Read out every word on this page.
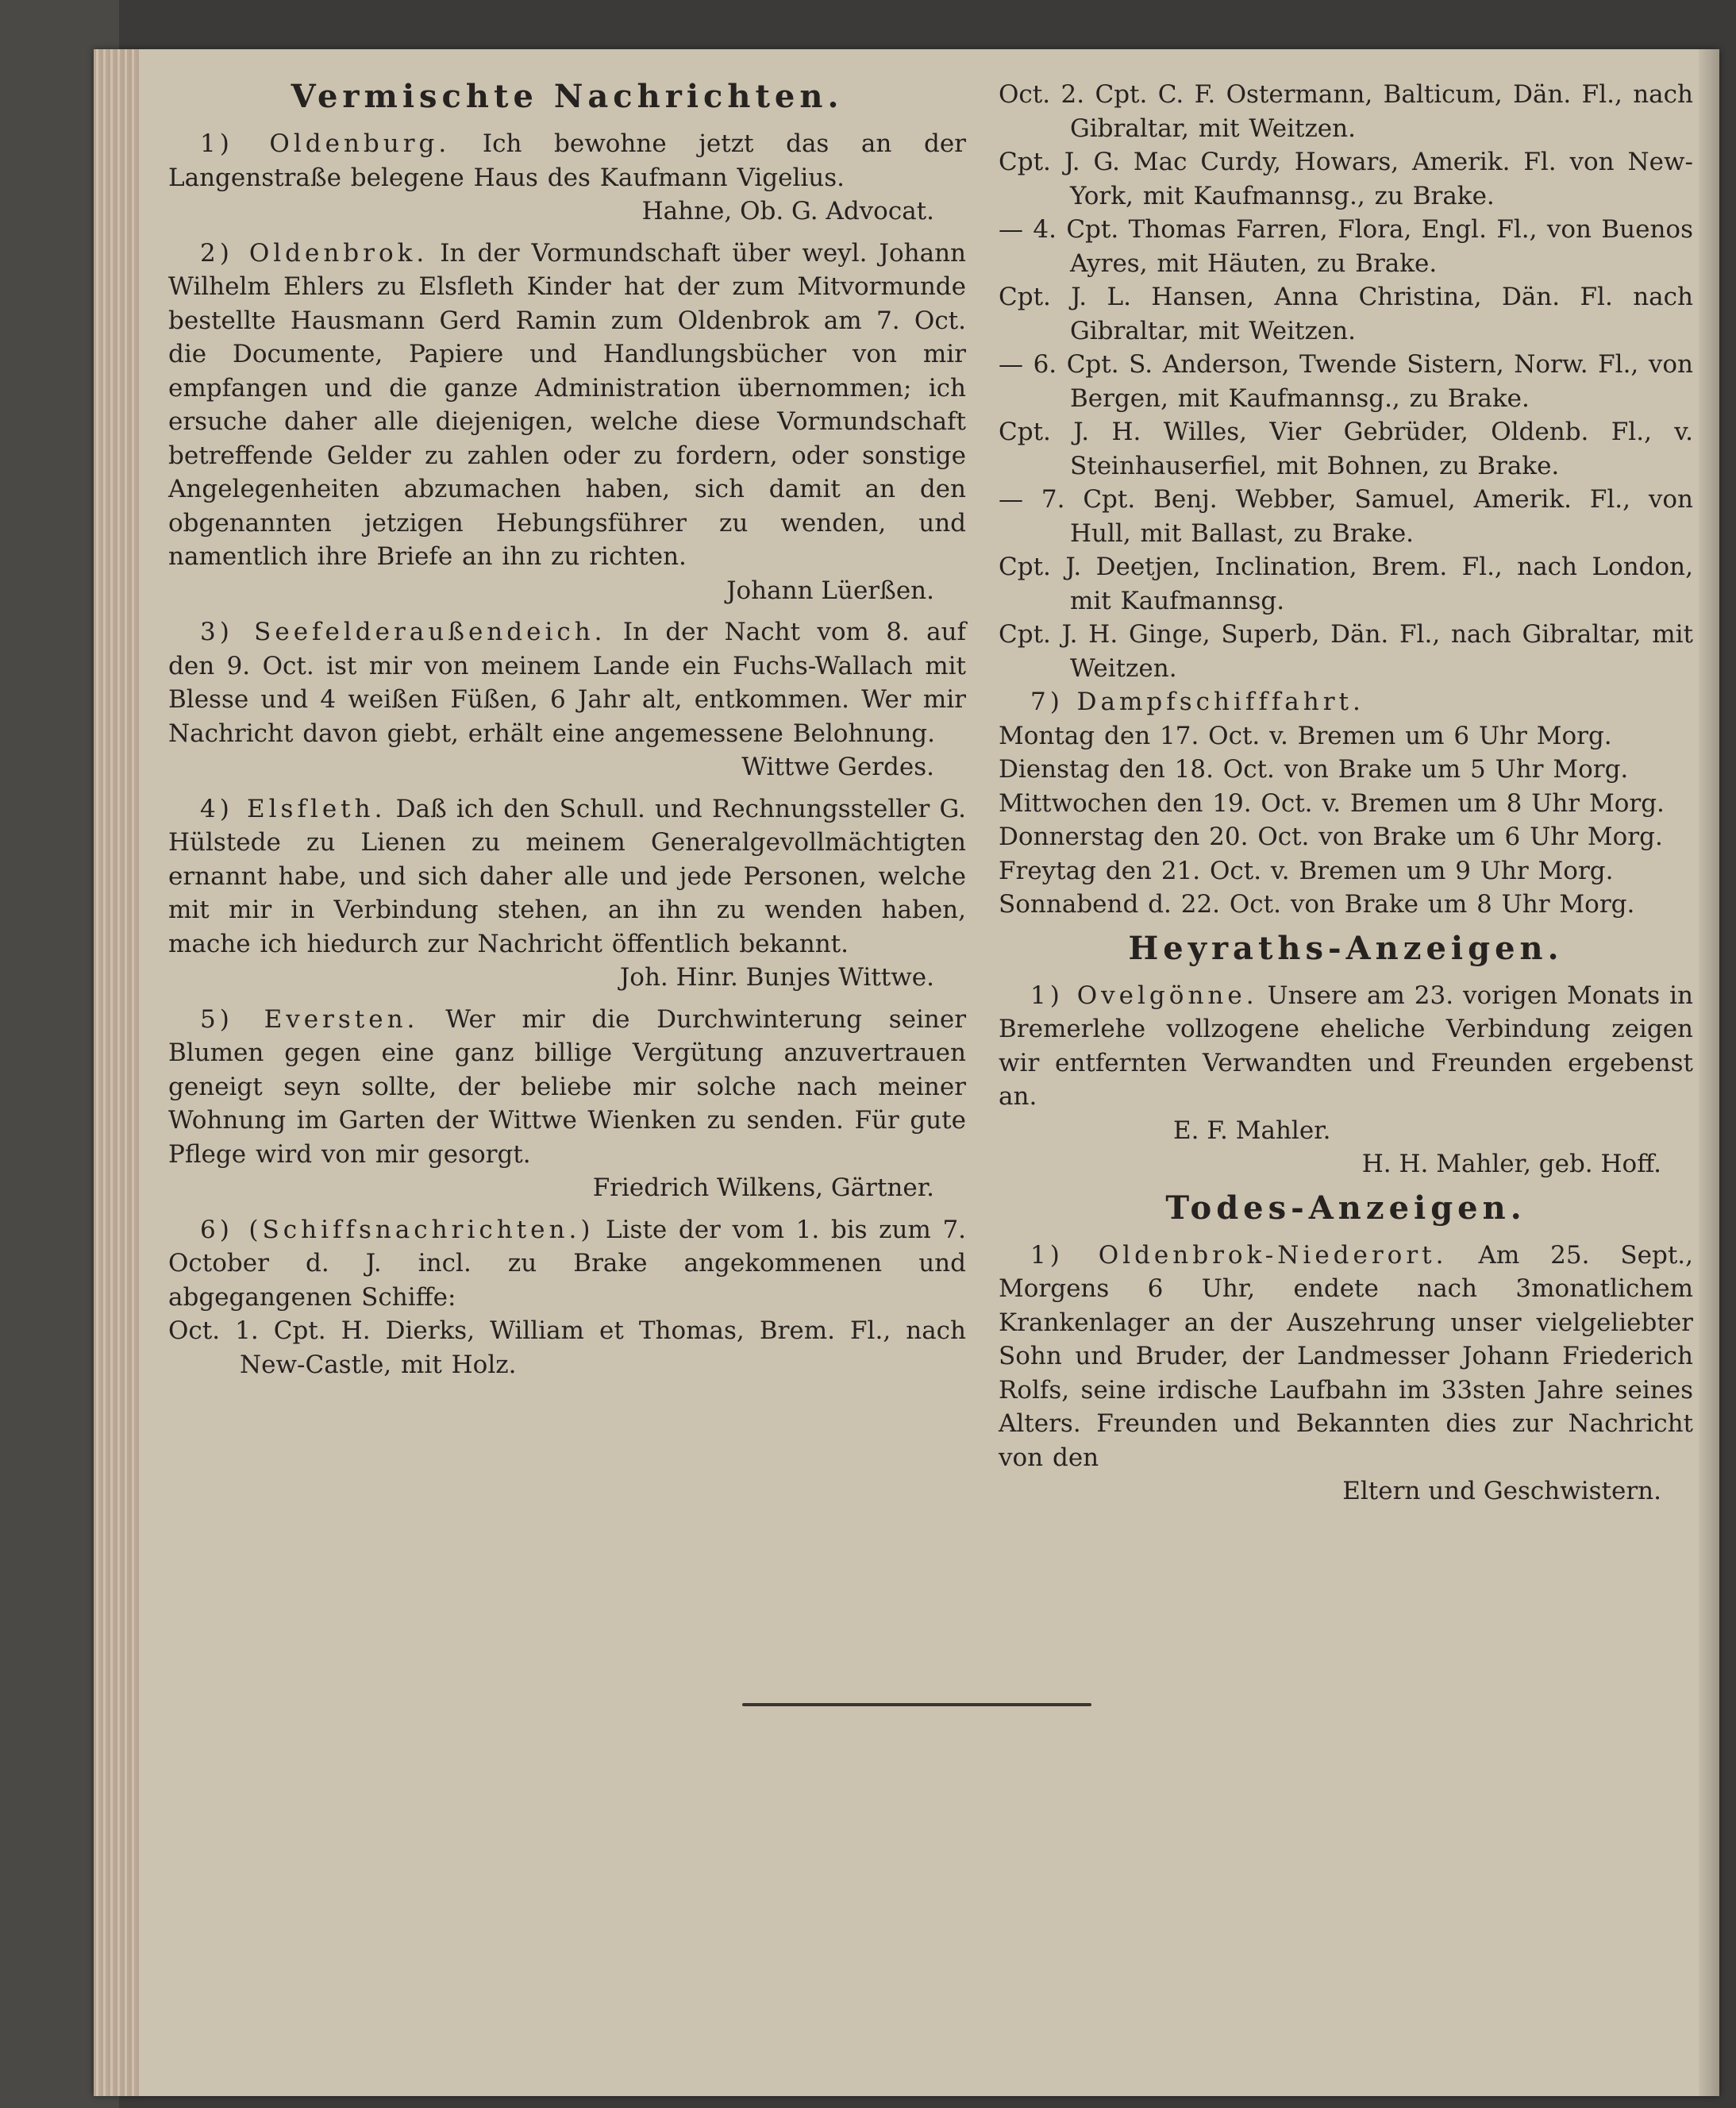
Vermischte Nachrichten.

1) Oldenburg. Ich bewohne jetzt das an der Langenstraße belegene Haus des Kaufmann Vigelius.

Hahne, Ob. G. Advocat.

2) Oldenbrok. In der Vormundschaft über weyl. Johann Wilhelm Ehlers zu Elsfleth Kinder hat der zum Mitvormunde bestellte Hausmann Gerd Ramin zum Oldenbrok am 7. Oct. die Documente, Papiere und Handlungsbücher von mir empfangen und die ganze Administration übernommen; ich ersuche daher alle diejenigen, welche diese Vormundschaft betreffende Gelder zu zahlen oder zu fordern, oder sonstige Angelegenheiten abzumachen haben, sich damit an den obgenannten jetzigen Hebungsführer zu wenden, und namentlich ihre Briefe an ihn zu richten.

Johann Lüerßen.

3) Seefelderaußendeich. In der Nacht vom 8. auf den 9. Oct. ist mir von meinem Lande ein Fuchs-Wallach mit Blesse und 4 weißen Füßen, 6 Jahr alt, entkommen. Wer mir Nachricht davon giebt, erhält eine angemessene Belohnung.

Wittwe Gerdes.

4) Elsfleth. Daß ich den Schull. und Rechnungssteller G. Hülstede zu Lienen zu meinem Generalgevollmächtigten ernannt habe, und sich daher alle und jede Personen, welche mit mir in Verbindung stehen, an ihn zu wenden haben, mache ich hiedurch zur Nachricht öffentlich bekannt.

Joh. Hinr. Bunjes Wittwe.

5) Eversten. Wer mir die Durchwinterung seiner Blumen gegen eine ganz billige Vergütung anzuvertrauen geneigt seyn sollte, der beliebe mir solche nach meiner Wohnung im Garten der Wittwe Wienken zu senden. Für gute Pflege wird von mir gesorgt.

Friedrich Wilkens, Gärtner.

6) (Schiffsnachrichten.) Liste der vom 1. bis zum 7. October d. J. incl. zu Brake angekommenen und abgegangenen Schiffe:

Oct. 1. Cpt. H. Dierks, William et Thomas, Brem. Fl., nach New-Castle, mit Holz.

Oct. 2. Cpt. C. F. Ostermann, Balticum, Dän. Fl., nach Gibraltar, mit Weitzen.

Cpt. J. G. Mac Curdy, Howars, Amerik. Fl. von New-York, mit Kaufmannsg., zu Brake.

— 4. Cpt. Thomas Farren, Flora, Engl. Fl., von Buenos Ayres, mit Häuten, zu Brake.

Cpt. J. L. Hansen, Anna Christina, Dän. Fl. nach Gibraltar, mit Weitzen.

— 6. Cpt. S. Anderson, Twende Sistern, Norw. Fl., von Bergen, mit Kaufmannsg., zu Brake.

Cpt. J. H. Willes, Vier Gebrüder, Oldenb. Fl., v. Steinhauserfiel, mit Bohnen, zu Brake.

— 7. Cpt. Benj. Webber, Samuel, Amerik. Fl., von Hull, mit Ballast, zu Brake.

Cpt. J. Deetjen, Inclination, Brem. Fl., nach London, mit Kaufmannsg.

Cpt. J. H. Ginge, Superb, Dän. Fl., nach Gibraltar, mit Weitzen.

7) Dampfschifffahrt.

Montag den 17. Oct. v. Bremen um 6 Uhr Morg.

Dienstag den 18. Oct. von Brake um 5 Uhr Morg.

Mittwochen den 19. Oct. v. Bremen um 8 Uhr Morg.

Donnerstag den 20. Oct. von Brake um 6 Uhr Morg.

Freytag den 21. Oct. v. Bremen um 9 Uhr Morg.

Sonnabend d. 22. Oct. von Brake um 8 Uhr Morg.

Heyraths-Anzeigen.

1) Ovelgönne. Unsere am 23. vorigen Monats in Bremerlehe vollzogene eheliche Verbindung zeigen wir entfernten Verwandten und Freunden ergebenst an.

E. F. Mahler.

H. H. Mahler, geb. Hoff.

Todes-Anzeigen.

1) Oldenbrok-Niederort. Am 25. Sept., Morgens 6 Uhr, endete nach 3monatlichem Krankenlager an der Auszehrung unser vielgeliebter Sohn und Bruder, der Landmesser Johann Friederich Rolfs, seine irdische Laufbahn im 33sten Jahre seines Alters. Freunden und Bekannten dies zur Nachricht von den

Eltern und Geschwistern.
